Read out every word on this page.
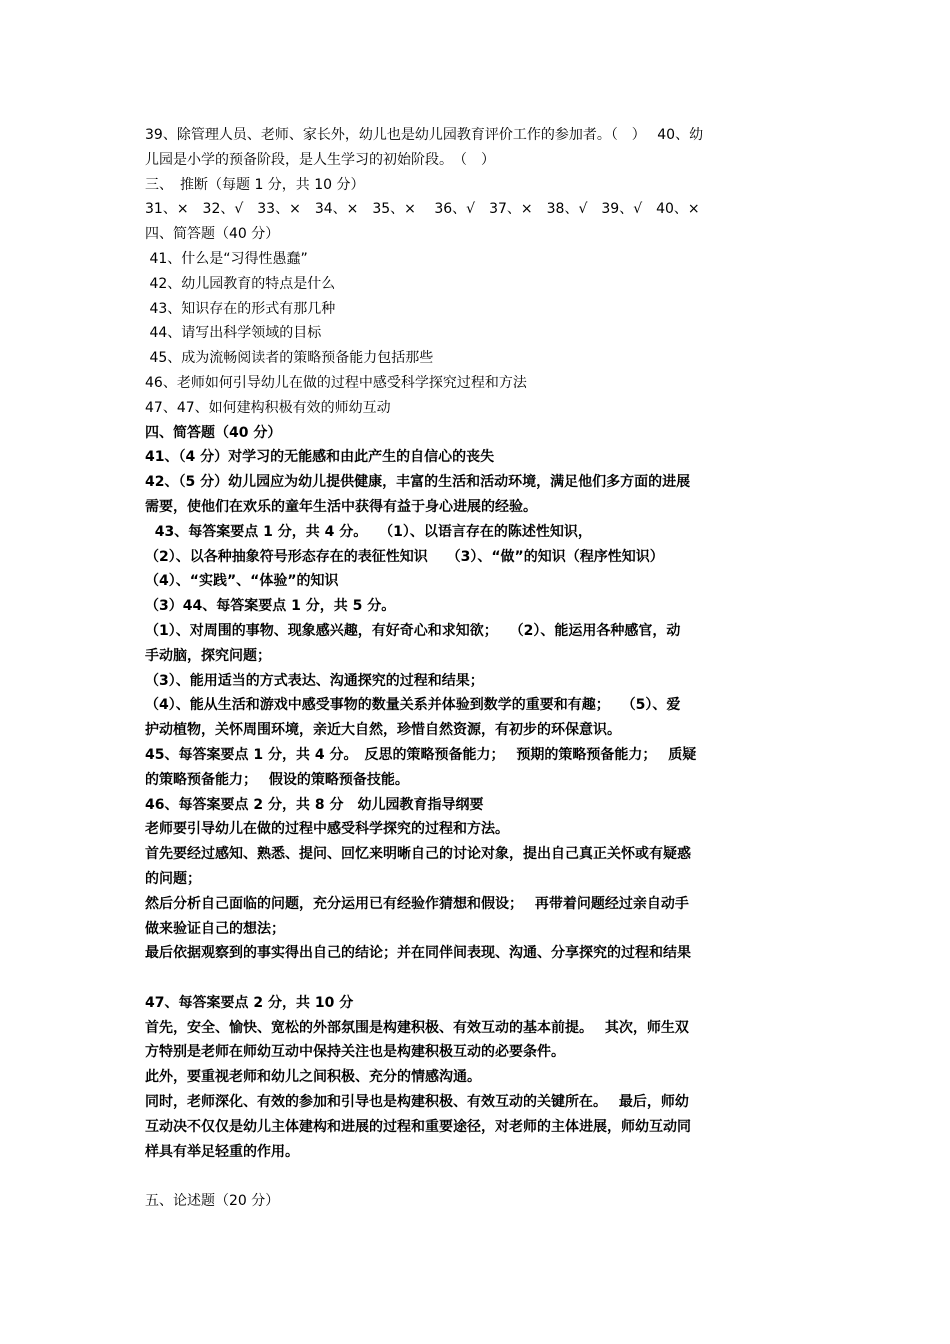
39、除管理人员、老师、家长外，幼儿也是幼儿园教育评价工作的参加者。（　）　 40、幼
儿园是小学的预备阶段，是人生学习的初始阶段。　（　）
三、　推断（每题 1 分，共 10 分）
31、×　32、√　33、×　34、×　35、×　 36、√　37、×　38、√　39、√　40、×
四、简答题（40 分）
41、什么是“习得性愚蠢”
42、幼儿园教育的特点是什么
43、知识存在的形式有那几种
44、请写出科学领域的目标
45、成为流畅阅读者的策略预备能力包括那些
46、老师如何引导幼儿在做的过程中感受科学探究过程和方法
47、47、如何建构积极有效的师幼互动
四、简答题（40 分）
41、（4 分）对学习的无能感和由此产生的自信心的丧失
42、（5 分）幼儿园应为幼儿提供健康，丰富的生活和活动环境，满足他们多方面的进展
需要，使他们在欢乐的童年生活中获得有益于身心进展的经验。
43、每答案要点 1 分，共 4 分。　 （1）、以语言存在的陈述性知识，
（2）、以各种抽象符号形态存在的表征性知识　 （3）、“做”的知识（程序性知识）
（4）、“实践”、“体验”的知识
（3）44、每答案要点 1 分，共 5 分。
（1）、对周围的事物、现象感兴趣，有好奇心和求知欲；　 （2）、能运用各种感官，动
手动脑，探究问题；
（3）、能用适当的方式表达、沟通探究的过程和结果；
（4）、能从生活和游戏中感受事物的数量关系并体验到数学的重要和有趣；　 （5）、爱
护动植物，关怀周围环境，亲近大自然，珍惜自然资源，有初步的环保意识。
45、每答案要点 1 分，共 4 分。　反思的策略预备能力；　 预期的策略预备能力；　 质疑
的策略预备能力；　 假设的策略预备技能。
46、每答案要点 2 分，共 8 分　幼儿园教育指导纲要
老师要引导幼儿在做的过程中感受科学探究的过程和方法。
首先要经过感知、熟悉、提问、回忆来明晰自己的讨论对象，提出自己真正关怀或有疑惑
的问题；
然后分析自己面临的问题，充分运用已有经验作猜想和假设；　 再带着问题经过亲自动手
做来验证自己的想法；
最后依据观察到的事实得出自己的结论；并在同伴间表现、沟通、分享探究的过程和结果
47、每答案要点 2 分，共 10 分
首先，安全、愉快、宽松的外部氛围是构建积极、有效互动的基本前提。　 其次，师生双
方特别是老师在师幼互动中保持关注也是构建积极互动的必要条件。
此外，要重视老师和幼儿之间积极、充分的情感沟通。
同时，老师深化、有效的参加和引导也是构建积极、有效互动的关键所在。　 最后，师幼
互动决不仅仅是幼儿主体建构和进展的过程和重要途径，对老师的主体进展，师幼互动同
样具有举足轻重的作用。
五、论述题（20 分）
